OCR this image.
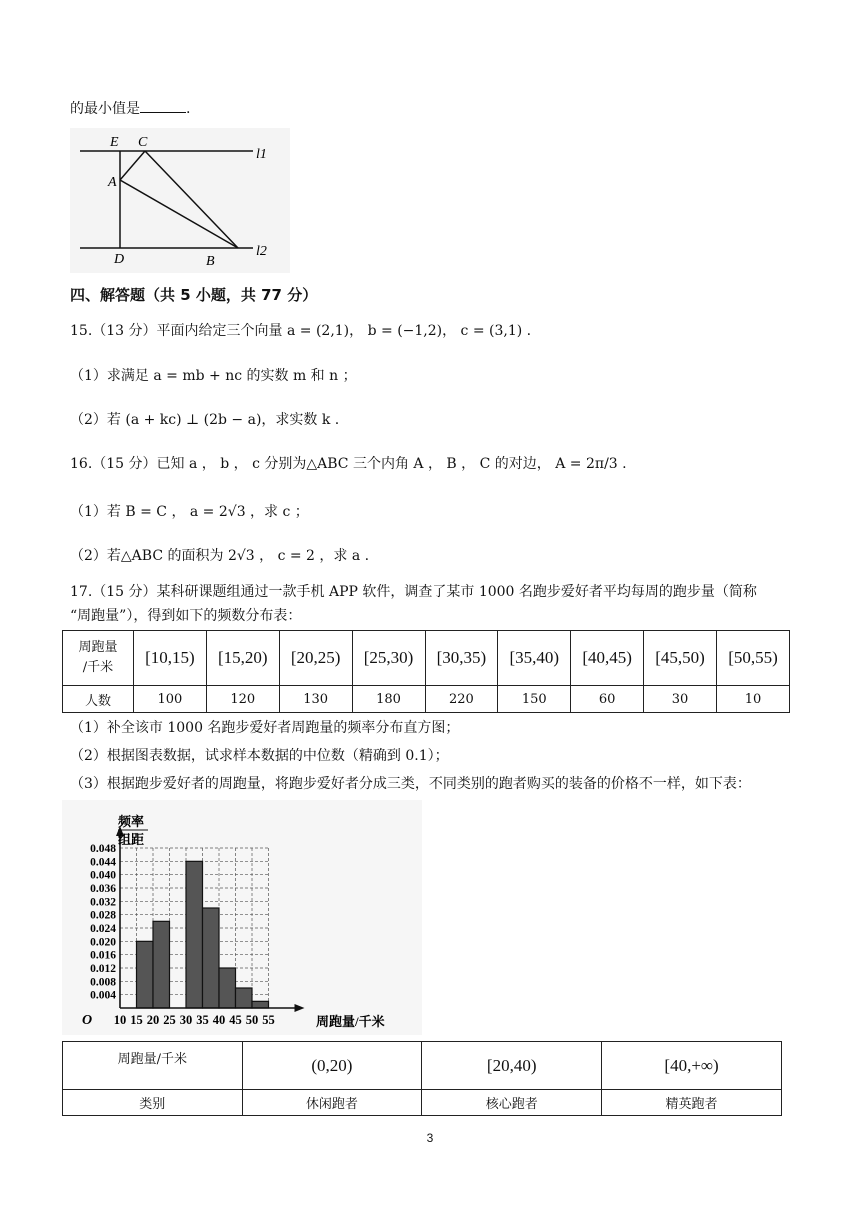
的最小值是	.
E C
A
D	B
l1
l2
四、解答题（共 5 小题，共 77 分）
15.（13 分）平面内给定三个向量 a = (2,1)， b = (−1,2)， c = (3,1) .
（1）求满足 a = mb + nc 的实数 m 和 n ；
（2）若 (a + kc) ⊥ (2b − a)，求实数 k .
16.（15 分）已知 a ， b ， c 分别为△ABC 三个内角 A ， B ， C 的对边， A = 2π/3 .
（1）若 B = C ， a = 2√3 ，求 c ；
（2）若△ABC 的面积为 2√3 ， c = 2 ，求 a .
17.（15 分）某科研课题组通过一款手机 APP 软件，调查了某市 1000 名跑步爱好者平均每周的跑步量（简称
“周跑量”），得到如下的频数分布表：
周跑量
/千米	[10,15)	[15,20)	[20,25)	[25,30)	[30,35)	[35,40)	[40,45)	[45,50)	[50,55)
人数	100	120	130	180	220	150	60	30	10
（1）补全该市 1000 名跑步爱好者周跑量的频率分布直方图；
（2）根据图表数据，试求样本数据的中位数（精确到 0.1）；
（3）根据跑步爱好者的周跑量，将跑步爱好者分成三类，不同类别的跑者购买的装备的价格不一样，如下表：
0.004
0.008
0.012
0.016
0.020
0.024
0.028
0.032
0.036
0.040
0.044
0.048
10 15 20 25 30 35 40 45 50 55
频率
组距
O	周跑量/千米
周跑量/千米	(0,20)	[20,40)	[40,+∞)
类别	休闲跑者	核心跑者	精英跑者
3
